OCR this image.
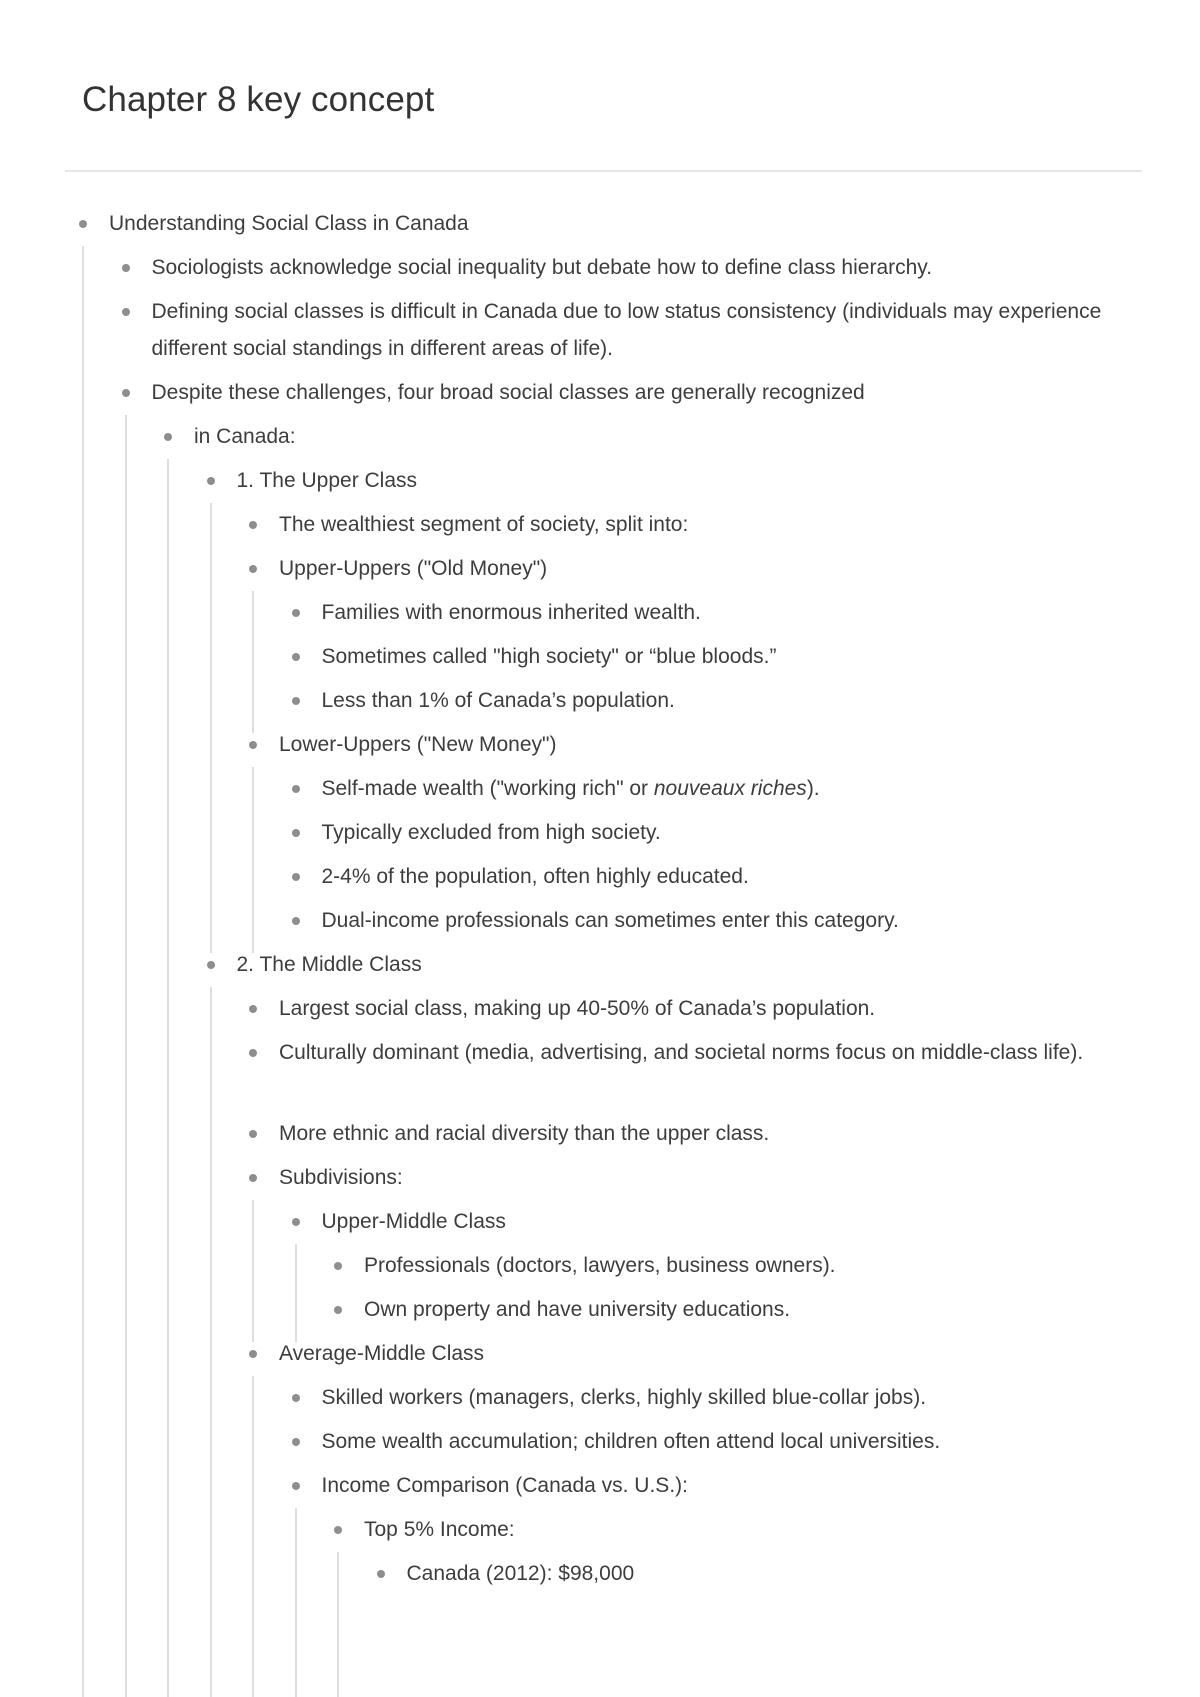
Chapter 8 key concept
Understanding Social Class in Canada
Sociologists acknowledge social inequality but debate how to define class hierarchy.
Defining social classes is difficult in Canada due to low status consistency (individuals may experience different social standings in different areas of life).
Despite these challenges, four broad social classes are generally recognized
in Canada:
1. The Upper Class
The wealthiest segment of society, split into:
Upper-Uppers ("Old Money")
Families with enormous inherited wealth.
Sometimes called "high society" or “blue bloods.”
Less than 1% of Canada’s population.
Lower-Uppers ("New Money")
Self-made wealth ("working rich" or nouveaux riches).
Typically excluded from high society.
2-4% of the population, often highly educated.
Dual-income professionals can sometimes enter this category.
2. The Middle Class
Largest social class, making up 40-50% of Canada’s population.
Culturally dominant (media, advertising, and societal norms focus on middle-class life).
More ethnic and racial diversity than the upper class.
Subdivisions:
Upper-Middle Class
Professionals (doctors, lawyers, business owners).
Own property and have university educations.
Average-Middle Class
Skilled workers (managers, clerks, highly skilled blue-collar jobs).
Some wealth accumulation; children often attend local universities.
Income Comparison (Canada vs. U.S.):
Top 5% Income:
Canada (2012): $98,000
